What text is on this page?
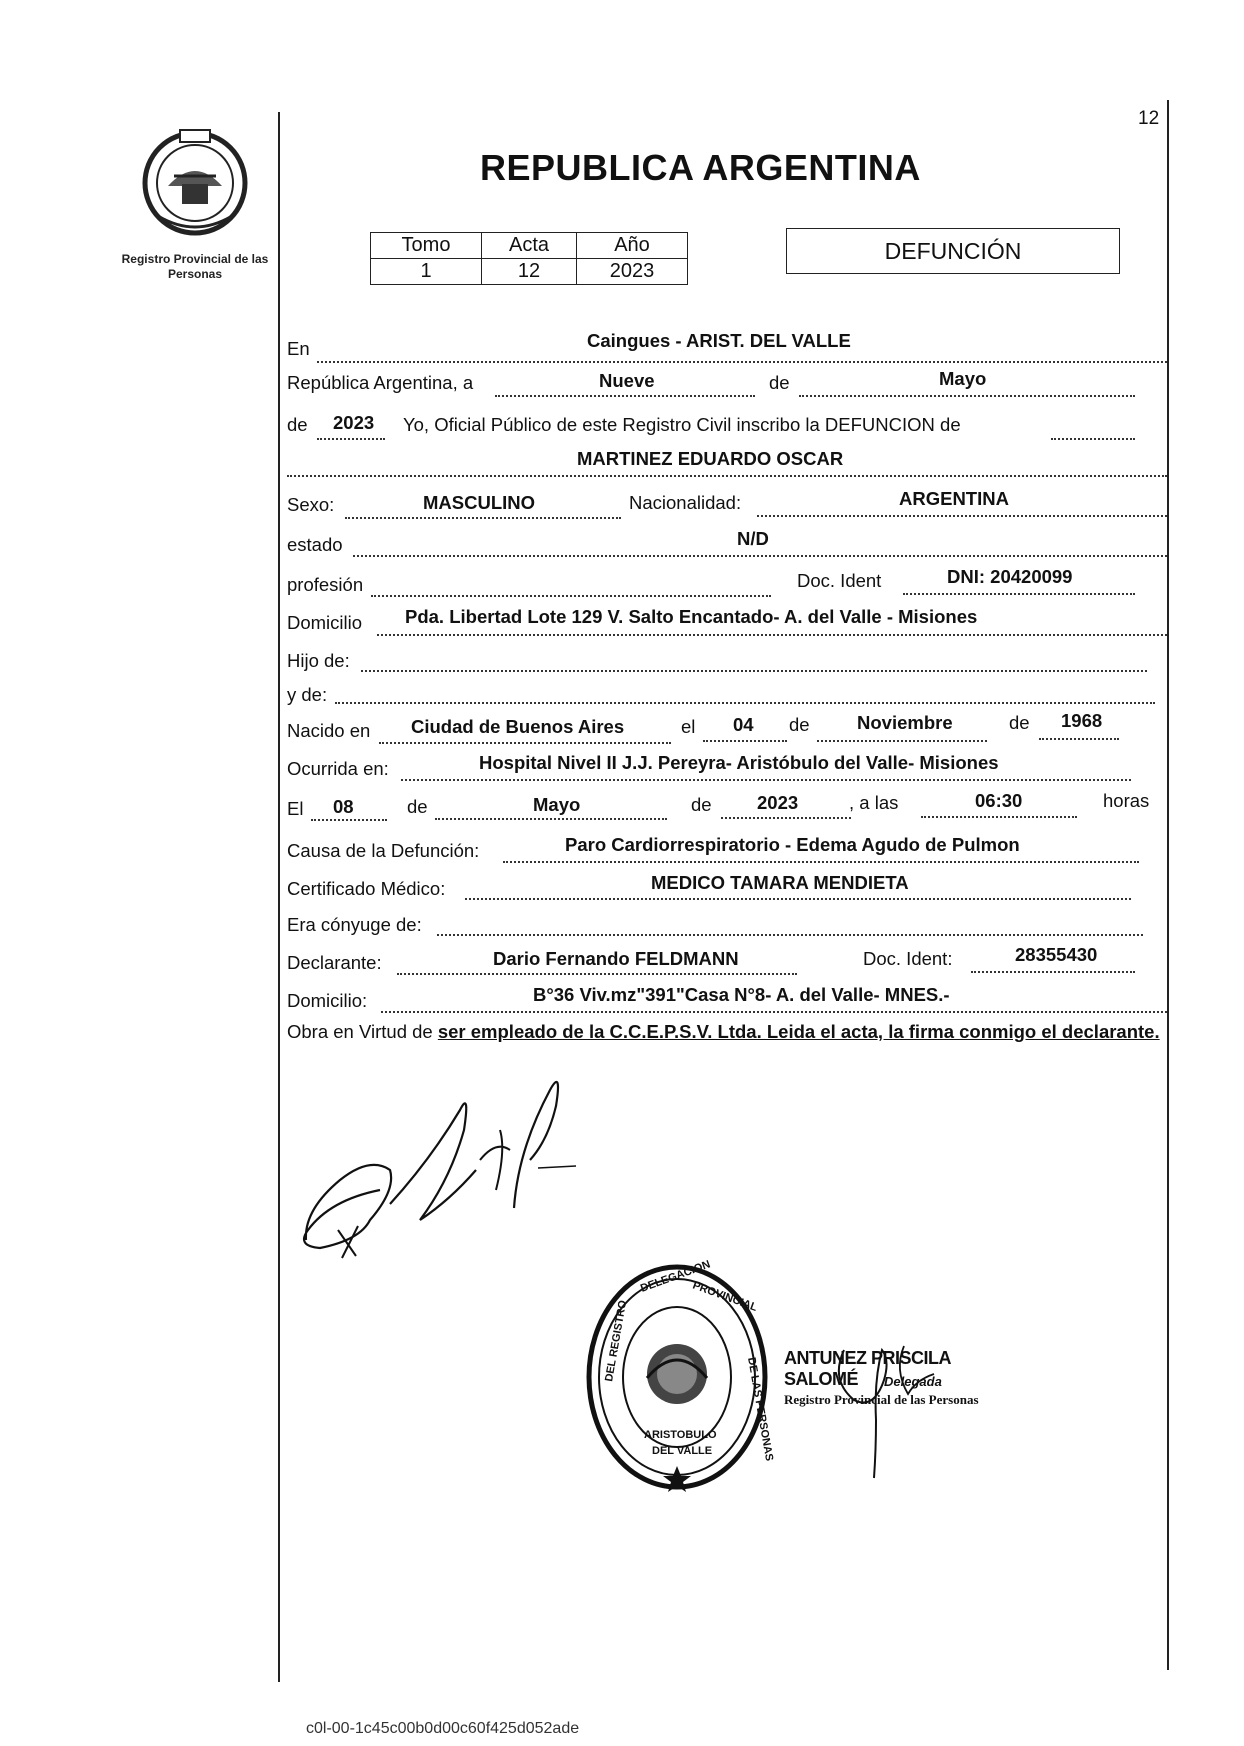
Registro Provincial de las Personas
12
REPUBLICA ARGENTINA
Tomo	Acta	Año
1	12	2023
DEFUNCIÓN
En	Caingues - ARIST. DEL VALLE
República Argentina, a	Nueve	de	Mayo
de 2023 Yo, Oficial Público de este Registro Civil inscribo la DEFUNCION de
MARTINEZ EDUARDO OSCAR
Sexo:	MASCULINO	Nacionalidad:	ARGENTINA
estado	N/D
profesión	Doc. Ident	DNI: 20420099
Domicilio Pda. Libertad Lote 129 V. Salto Encantado- A. del Valle - Misiones
Hijo de:
y de:
Nacido en Ciudad de Buenos Aires	el 04 de	Noviembre	de 1968
Ocurrida en:	Hospital Nivel II J.J. Pereyra- Aristóbulo del Valle- Misiones
El 08	de	Mayo	de 2023	, a las	06:30	horas
Causa de la Defunción:	Paro Cardiorrespiratorio - Edema Agudo de Pulmon
Certificado Médico:	MEDICO TAMARA MENDIETA
Era cónyuge de:
Declarante:	Dario Fernando FELDMANN	Doc. Ident:	28355430
Domicilio:	B°36 Viv.mz"391"Casa N°8- A. del Valle- MNES.-
Obra en Virtud de ser empleado de la C.C.E.P.S.V. Ltda. Leida el acta, la firma conmigo el declarante.
DELEGACION
PROVINCIAL
DEL REGISTRO
DE LAS PERSONAS
ARISTOBULO
DEL VALLE
ANTUNEZ PRISCILA SALOMÉ	Delegada
Registro Provincial de las Personas
c0l-00-1c45c00b0d00c60f425d052ade
